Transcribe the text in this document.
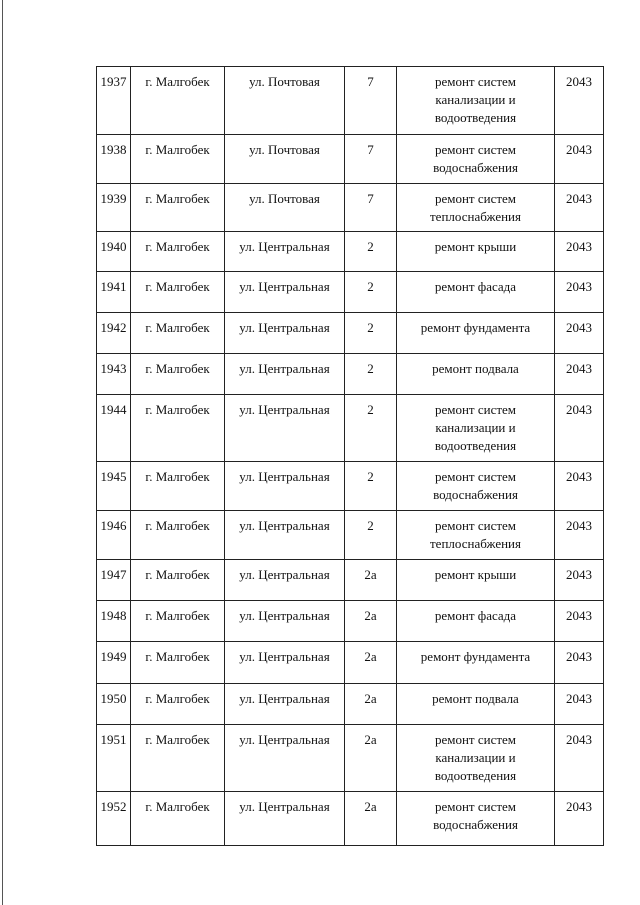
1937	г. Малгобек	ул. Почтовая	7	ремонт систем канализации и водоотведения	2043
1938	г. Малгобек	ул. Почтовая	7	ремонт систем водоснабжения	2043
1939	г. Малгобек	ул. Почтовая	7	ремонт систем теплоснабжения	2043
1940	г. Малгобек	ул. Центральная	2	ремонт крыши	2043
1941	г. Малгобек	ул. Центральная	2	ремонт фасада	2043
1942	г. Малгобек	ул. Центральная	2	ремонт фундамента	2043
1943	г. Малгобек	ул. Центральная	2	ремонт подвала	2043
1944	г. Малгобек	ул. Центральная	2	ремонт систем канализации и водоотведения	2043
1945	г. Малгобек	ул. Центральная	2	ремонт систем водоснабжения	2043
1946	г. Малгобек	ул. Центральная	2	ремонт систем теплоснабжения	2043
1947	г. Малгобек	ул. Центральная	2а	ремонт крыши	2043
1948	г. Малгобек	ул. Центральная	2а	ремонт фасада	2043
1949	г. Малгобек	ул. Центральная	2а	ремонт фундамента	2043
1950	г. Малгобек	ул. Центральная	2а	ремонт подвала	2043
1951	г. Малгобек	ул. Центральная	2а	ремонт систем канализации и водоотведения	2043
1952	г. Малгобек	ул. Центральная	2а	ремонт систем водоснабжения	2043
